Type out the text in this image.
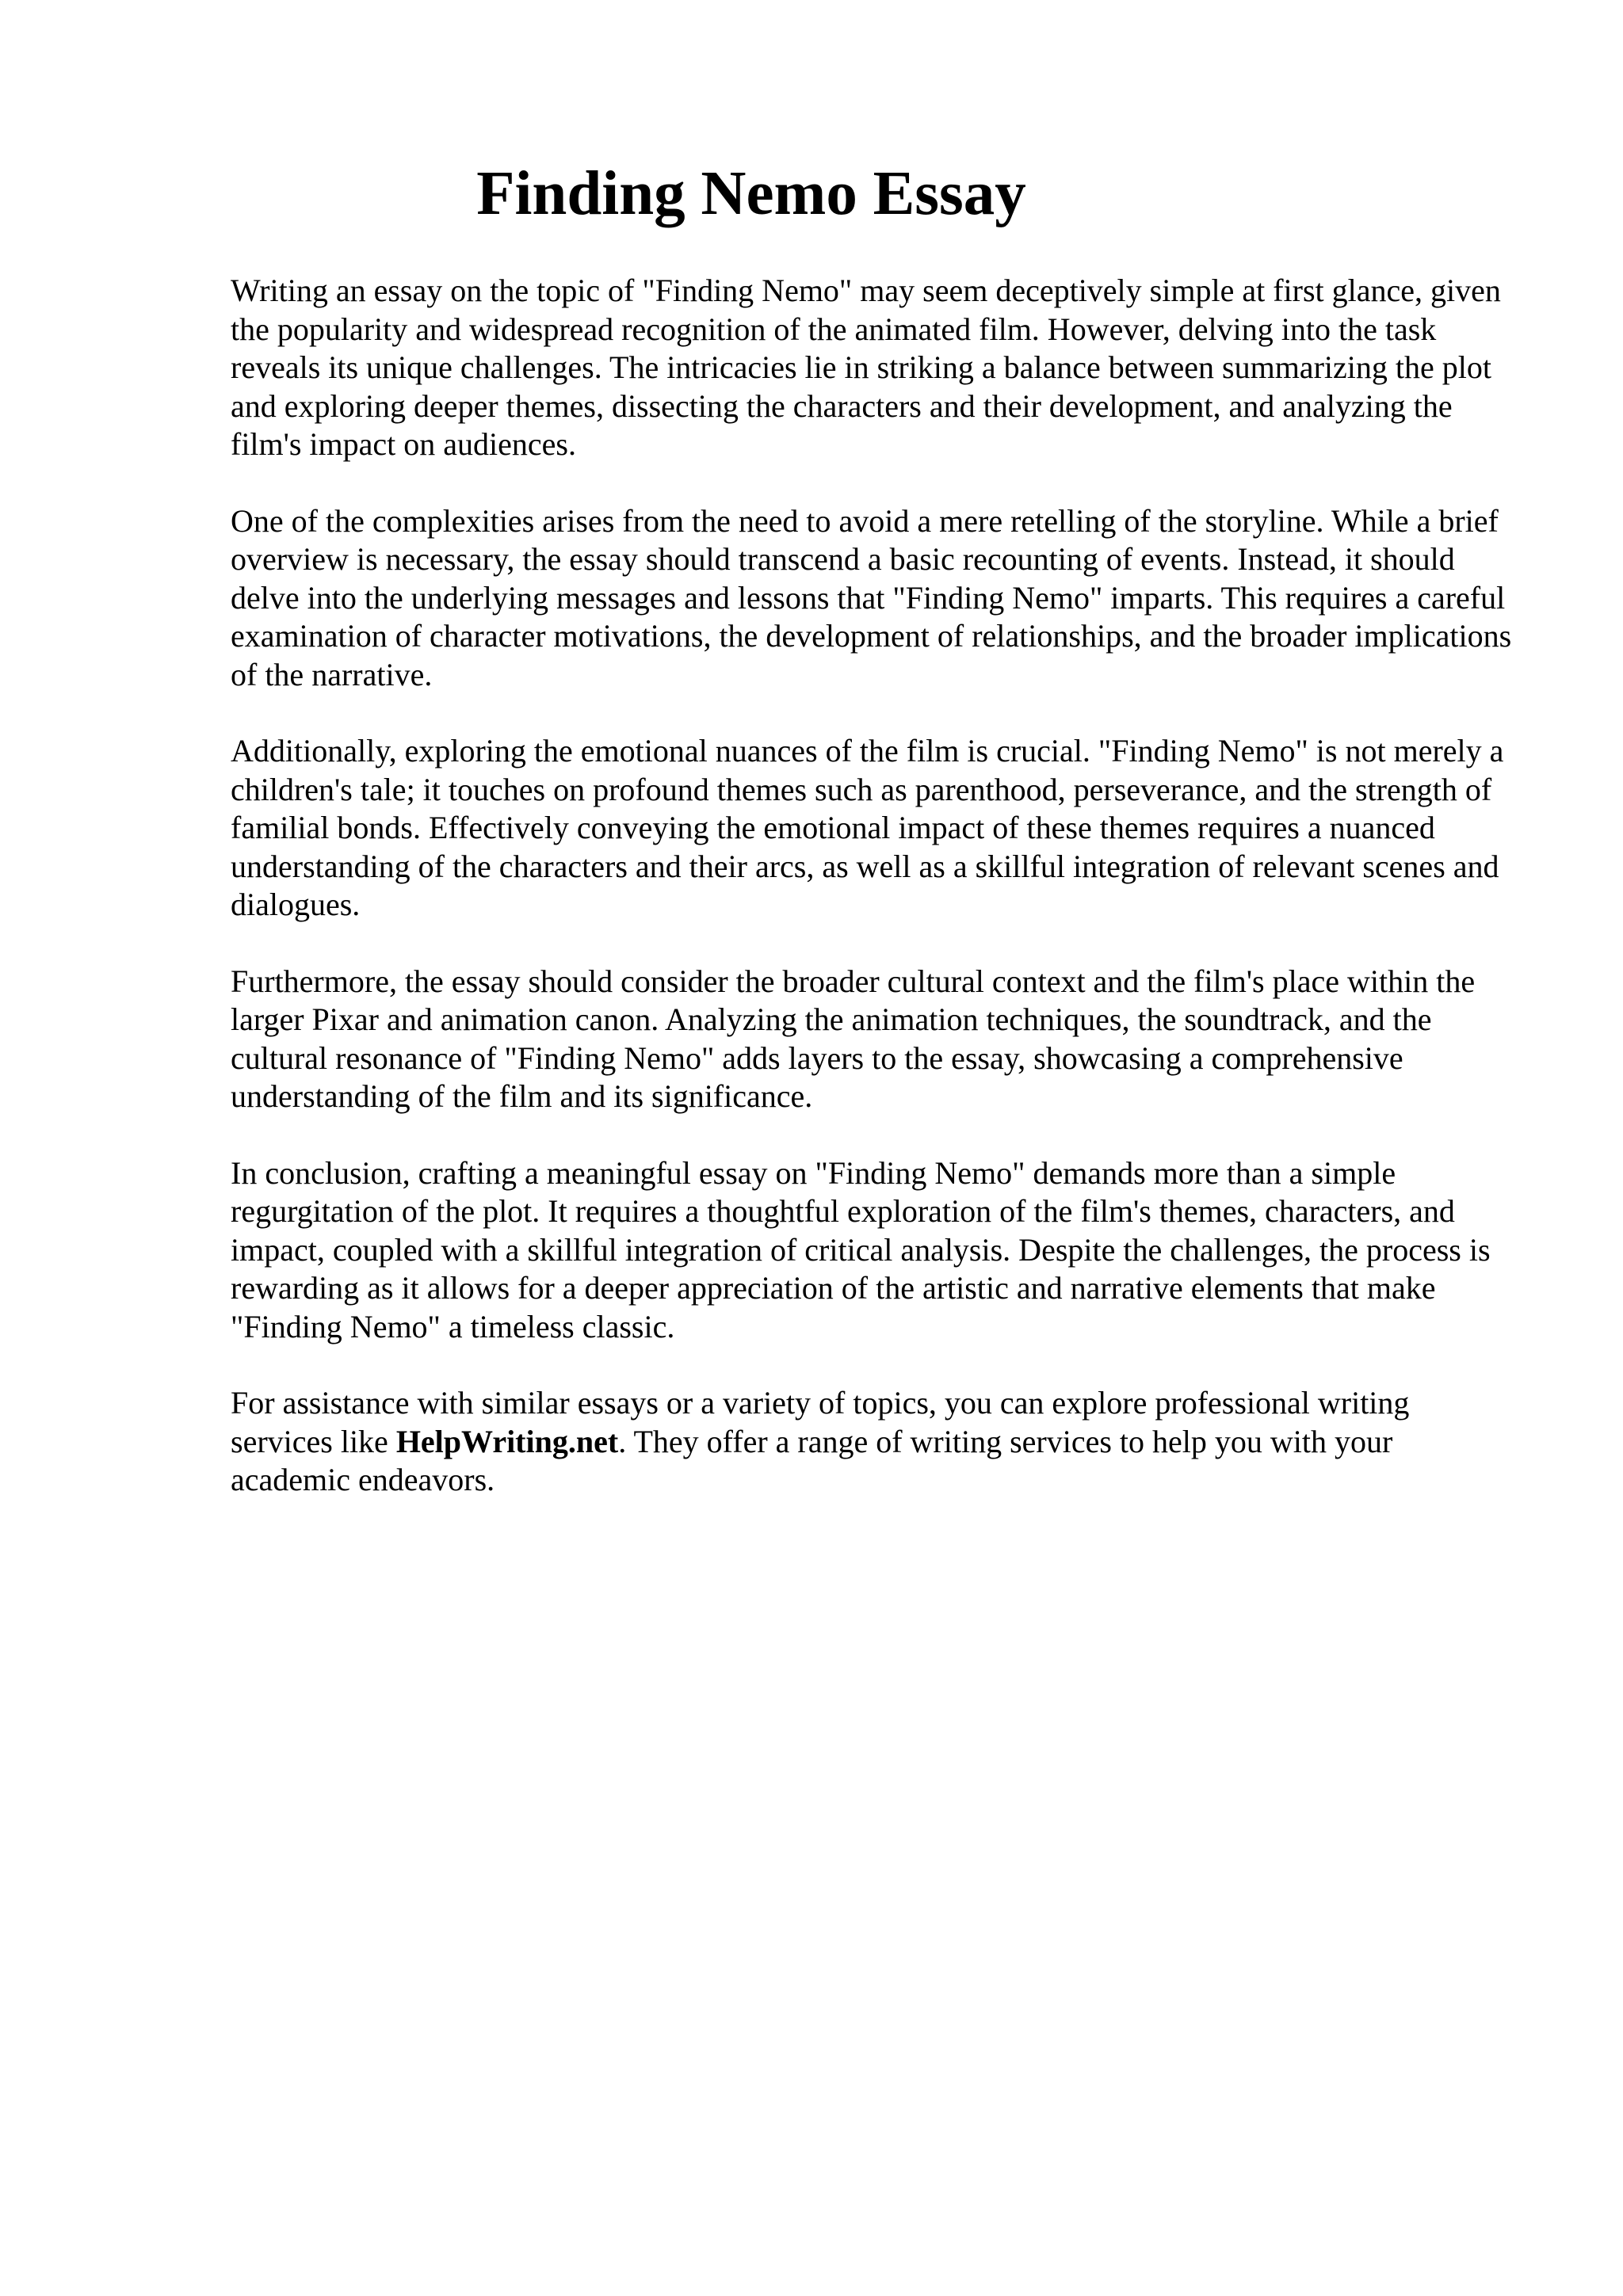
Finding Nemo Essay

Writing an essay on the topic of "Finding Nemo" may seem deceptively simple at first glance, given the popularity and widespread recognition of the animated film. However, delving into the task reveals its unique challenges. The intricacies lie in striking a balance between summarizing the plot and exploring deeper themes, dissecting the characters and their development, and analyzing the film's impact on audiences.

One of the complexities arises from the need to avoid a mere retelling of the storyline. While a brief overview is necessary, the essay should transcend a basic recounting of events. Instead, it should delve into the underlying messages and lessons that "Finding Nemo" imparts. This requires a careful examination of character motivations, the development of relationships, and the broader implications of the narrative.

Additionally, exploring the emotional nuances of the film is crucial. "Finding Nemo" is not merely a children's tale; it touches on profound themes such as parenthood, perseverance, and the strength of familial bonds. Effectively conveying the emotional impact of these themes requires a nuanced understanding of the characters and their arcs, as well as a skillful integration of relevant scenes and dialogues.

Furthermore, the essay should consider the broader cultural context and the film's place within the larger Pixar and animation canon. Analyzing the animation techniques, the soundtrack, and the cultural resonance of "Finding Nemo" adds layers to the essay, showcasing a comprehensive understanding of the film and its significance.

In conclusion, crafting a meaningful essay on "Finding Nemo" demands more than a simple regurgitation of the plot. It requires a thoughtful exploration of the film's themes, characters, and impact, coupled with a skillful integration of critical analysis. Despite the challenges, the process is rewarding as it allows for a deeper appreciation of the artistic and narrative elements that make "Finding Nemo" a timeless classic.

For assistance with similar essays or a variety of topics, you can explore professional writing services like HelpWriting.net. They offer a range of writing services to help you with your academic endeavors.
